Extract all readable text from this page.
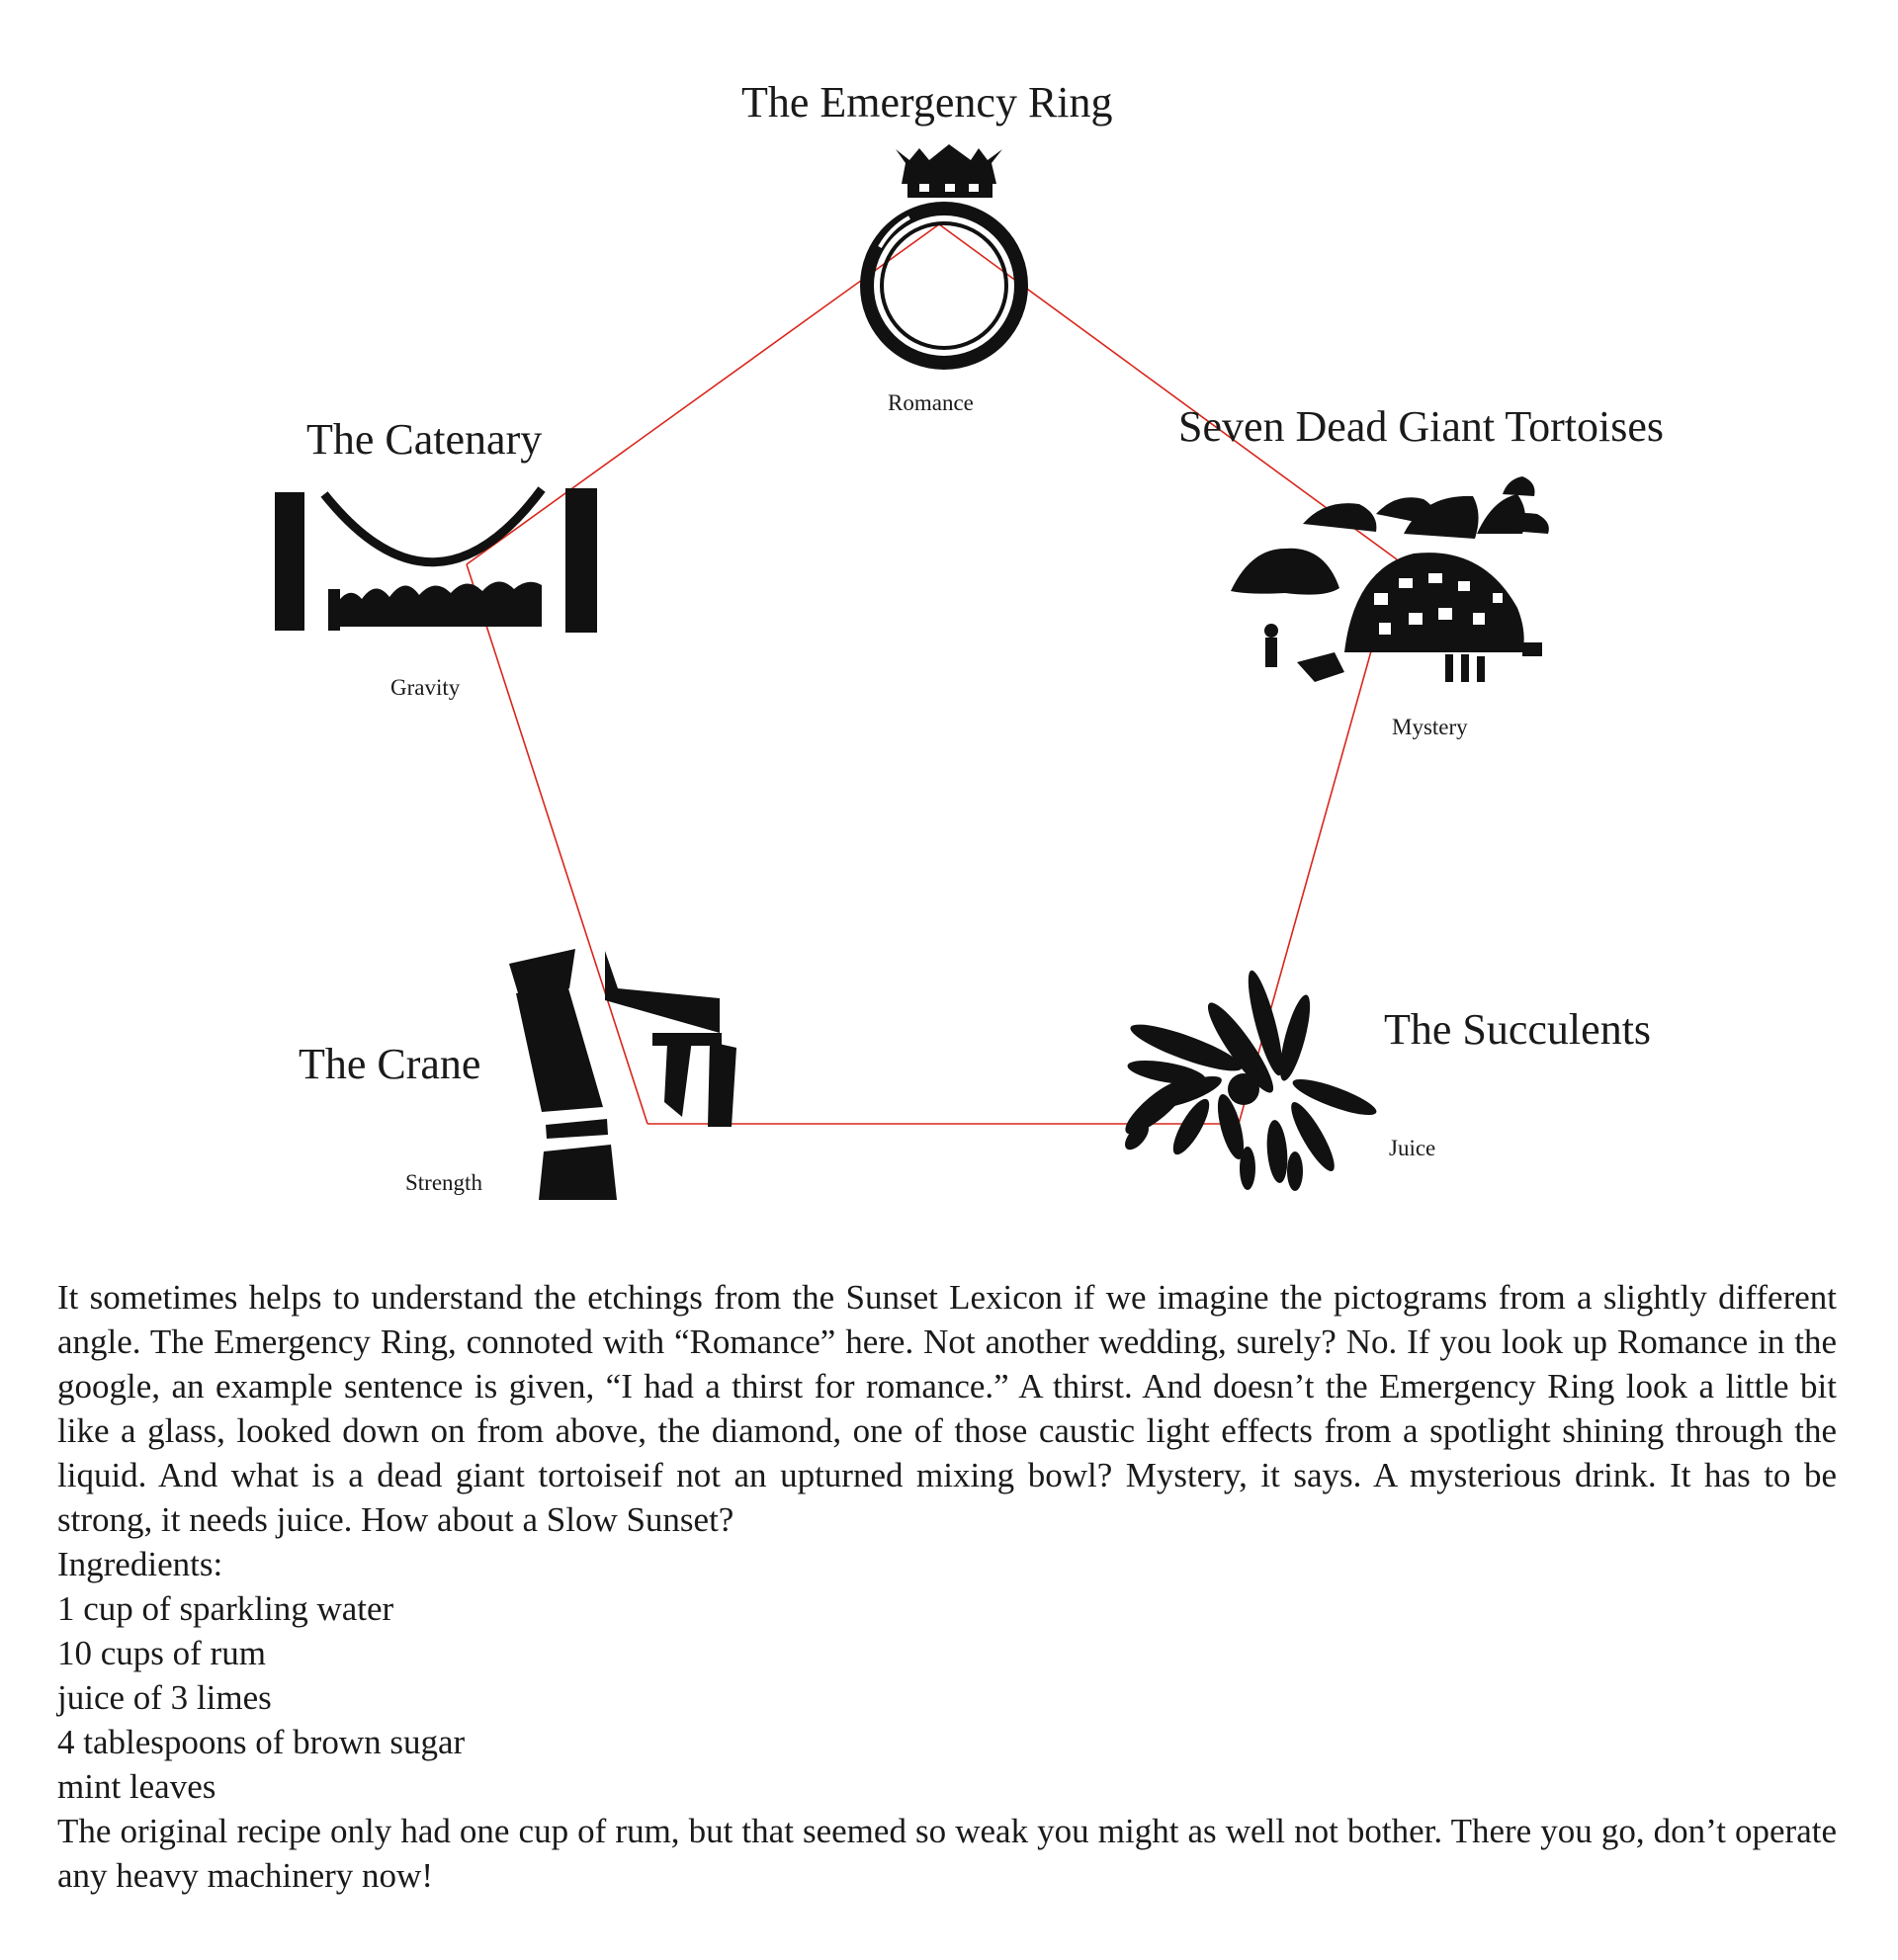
The Emergency Ring
Romance	Seven Dead Giant Tortoises
Mystery
The Succulents
Juice
The Crane
Strength
The Catenary
Gravity

It sometimes helps to understand the etchings from the Sunset Lexicon if we imagine the pictograms from a slightly different angle. The Emergency Ring, connoted with “Romance” here. Not another wedding, surely? No. If you look up Romance in the google, an example sentence is given, “I had a thirst for romance.” A thirst. And doesn’t the Emergency Ring look a little bit like a glass, looked down on from above, the diamond, one of those caustic light effects from a spotlight shining through the liquid. And what is a dead giant tortoiseif not an upturned mixing bowl? Mystery, it says. A mysterious drink. It has to be strong, it needs juice. How about a Slow Sunset?

Ingredients:

1 cup of sparkling water

10 cups of rum

juice of 3 limes

4 tablespoons of brown sugar

mint leaves

The original recipe only had one cup of rum, but that seemed so weak you might as well not bother. There you go, don’t operate any heavy machinery now!
